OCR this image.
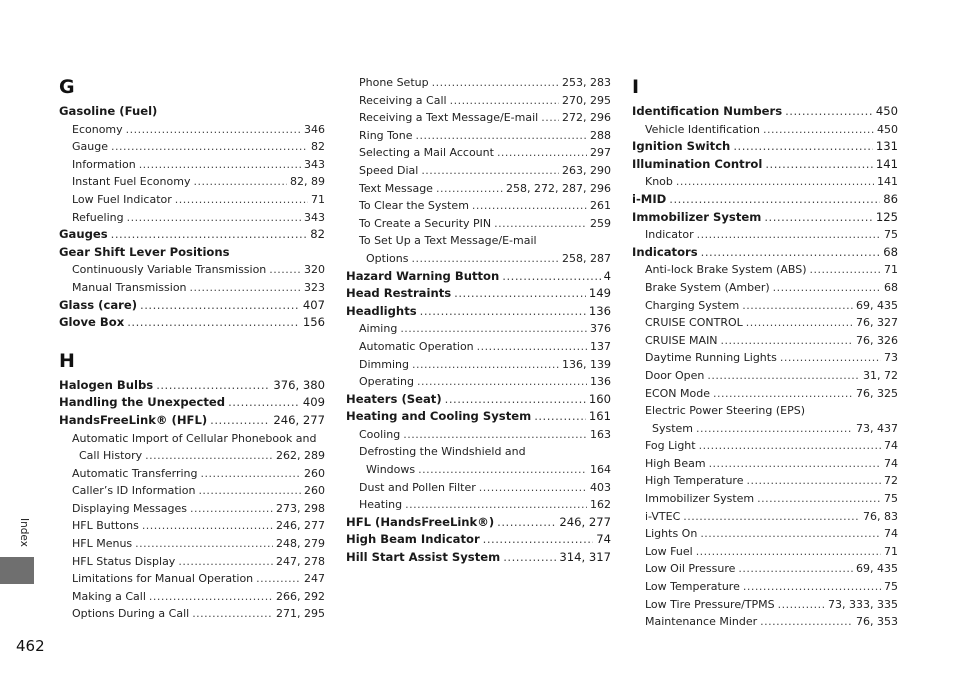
G
Gasoline (Fuel)
Economy .....	346
Gauge .....	82
Information .....	343
Instant Fuel Economy .....	82, 89
Low Fuel Indicator .....	71
Refueling .....	343
Gauges .....	82
Gear Shift Lever Positions
Continuously Variable Transmission .....	320
Manual Transmission .....	323
Glass (care) .....	407
Glove Box .....	156
H
Halogen Bulbs .....	376, 380
Handling the Unexpected .....	409
HandsFreeLink® (HFL) .....	246, 277
Automatic Import of Cellular Phonebook and
Call History .....	262, 289
Automatic Transferring .....	260
Caller’s ID Information .....	260
Displaying Messages .....	273, 298
HFL Buttons .....	246, 277
HFL Menus .....	248, 279
HFL Status Display .....	247, 278
Limitations for Manual Operation .....	247
Making a Call .....	266, 292
Options During a Call .....	271, 295
Phone Setup .....	253, 283
Receiving a Call .....	270, 295
Receiving a Text Message/E-mail ..... 272, 296
Ring Tone .....	288
Selecting a Mail Account .....	297
Speed Dial .....	263, 290
Text Message .....	258, 272, 287, 296
To Clear the System .....	261
To Create a Security PIN .....	259
To Set Up a Text Message/E-mail
Options .....	258, 287
Hazard Warning Button .....	4
Head Restraints .....	149
Headlights .....	136
Aiming .....	376
Automatic Operation .....	137
Dimming .....	136, 139
Operating .....	136
Heaters (Seat) .....	160
Heating and Cooling System .....	161
Cooling .....	163
Defrosting the Windshield and
Windows .....	164
Dust and Pollen Filter .....	403
Heating .....	162
HFL (HandsFreeLink®) .....	246, 277
High Beam Indicator .....	74
Hill Start Assist System .....	314, 317
I
Identification Numbers .....	450
Vehicle Identification .....	450
Ignition Switch .....	131
Illumination Control .....	141
Knob .....	141
i-MID .....	86
Immobilizer System .....	125
Indicator .....	75
Indicators .....	68
Anti-lock Brake System (ABS) .....	71
Brake System (Amber) .....	68
Charging System .....	69, 435
CRUISE CONTROL .....	76, 327
CRUISE MAIN .....	76, 326
Daytime Running Lights .....	73
Door Open .....	31, 72
ECON Mode .....	76, 325
Electric Power Steering (EPS)
System .....	73, 437
Fog Light .....	74
High Beam .....	74
High Temperature .....	72
Immobilizer System .....	75
i-VTEC .....	76, 83
Lights On .....	74
Low Fuel .....	71
Low Oil Pressure .....	69, 435
Low Temperature .....	75
Low Tire Pressure/TPMS .....	73, 333, 335
Maintenance Minder .....	76, 353
Index
462
